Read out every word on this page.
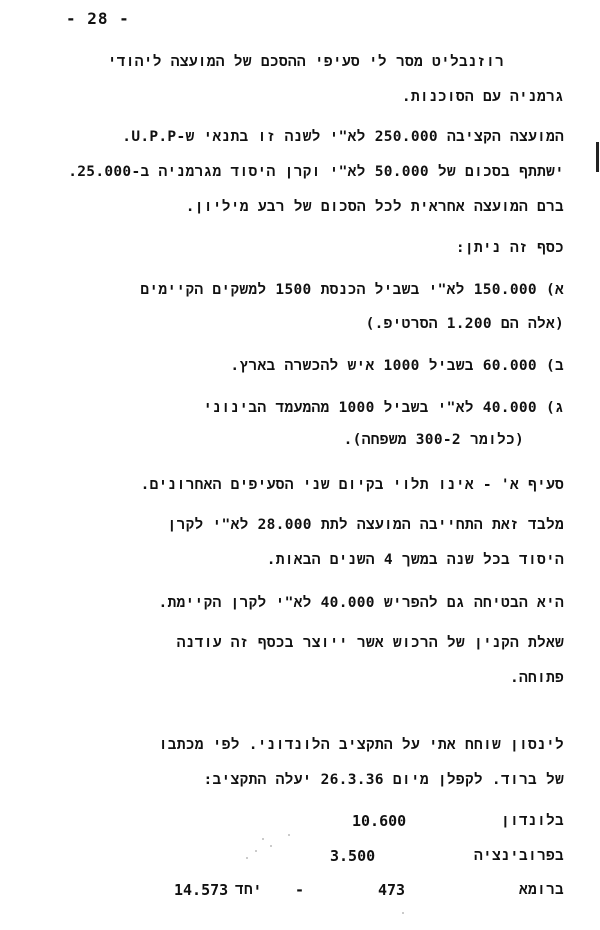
- 28 -
רוזנבליט מסר לי סעיפי ההסכם של המועצה ליהודי
גרמניה עם הסוכנות.
המועצה הקציבה 250.000 לא"י לשנה זו בתנאי ש-U.P.P.
ישתתף בסכום של 50.000 לא"י וקרן היסוד מגרמניה ב-25.000.
ברם המועצה אחראית לכל הסכום של רבע מיליון.
כסף זה ניתן:
א) 150.000 לא"י בשביל הכנסת 1500 למשקים הקיימים
(אלה הם 1.200 הסרטיפ.)
ב) 60.000 בשביל 1000 איש להכשרה בארץ.
ג) 40.000 לא"י בשביל 1000 מהמעמד הבינוני
(כלומר 300-2 משפחה).
סעיף א' - אינו תלוי בקיום שני הסעיפים האחרונים.
מלבד זאת התחייבה המועצה לתת 28.000 לא"י לקרן
היסוד בכל שנה במשך 4 השנים הבאות.
היא הבטיחה גם להפריש 40.000 לא"י לקרן הקיימת.
שאלת הקנין של הרכוש אשר ייוצר בכסף זה עודנה
פתוחה.
לינסון שוחח אתי על התקציב הלונדוני. לפי מכתבו
של ברוד. לקפלן מיום 26.3.36 יעלה התקציב:
בלונדון
10.600
בפרובינציה
3.500
ברומא
473
-
יחד
14.573
